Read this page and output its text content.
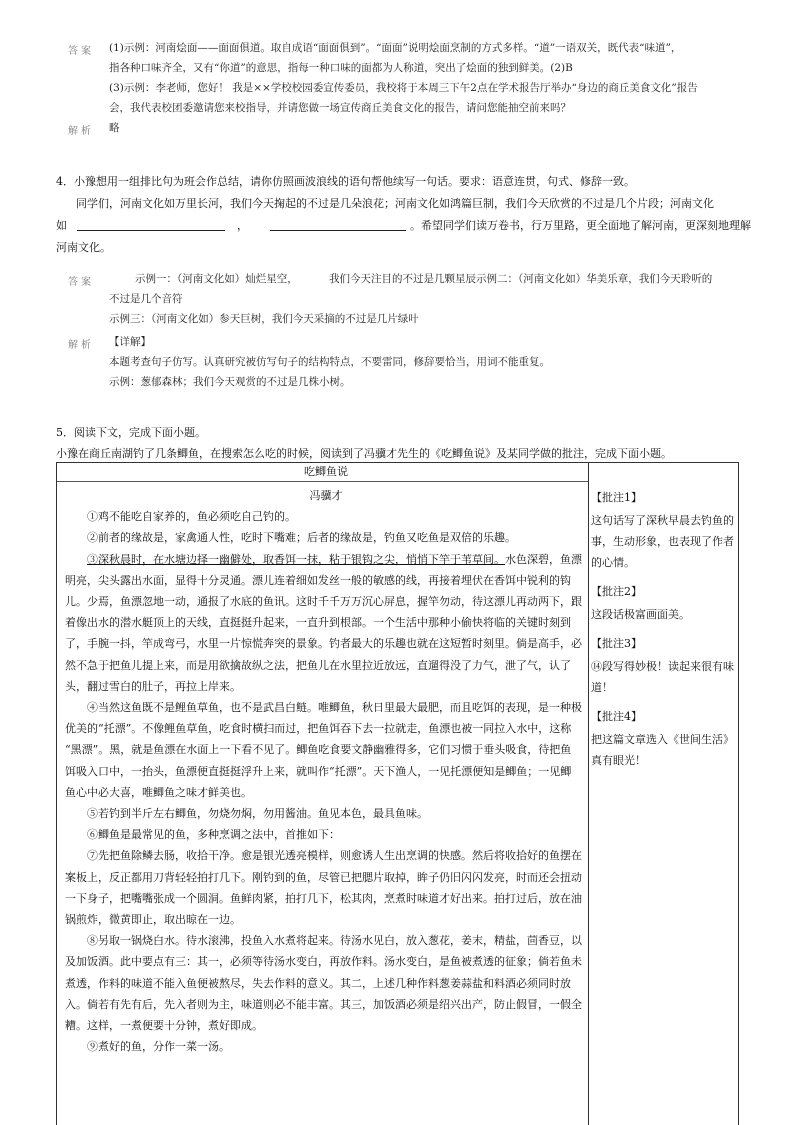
答案 (1)示例：河南烩面——面面俱道。取自成语“面面俱到”。“面面”说明烩面烹制的方式多样。“道”一语双关，既代表“味道”，
指各种口味齐全，又有“你道”的意思，指每一种口味的面都为人称道，突出了烩面的独到鲜美。(2)B
(3)示例：李老师，您好！ 我是××学校校园委宣传委员，我校将于本周三下午2点在学术报告厅举办“身边的商丘美食文化”报告
会，我代表校团委邀请您来校指导，并请您做一场宣传商丘美食文化的报告，请问您能抽空前来吗？
解析 略
4．小豫想用一组排比句为班会作总结，请你仿照画波浪线的语句帮他续写一句话。要求：语意连贯，句式、修辞一致。
同学们，河南文化如万里长河，我们今天掬起的不过是几朵浪花；河南文化如鸿篇巨制，我们今天欣赏的不过是几个片段；河南文化
如	，	。希望同学们读万卷书，行万里路，更全面地了解河南，更深刻地理解
河南文化。
答案	示例一：（河南文化如）灿烂星空，	我们今天注目的不过是几颗星辰示例二：（河南文化如）华美乐章，我们今天聆听的
不过是几个音符
示例三：（河南文化如）参天巨树，我们今天采摘的不过是几片绿叶
解析 【详解】
本题考查句子仿写。认真研究被仿写句子的结构特点，不要雷同，修辞要恰当，用词不能重复。
示例：葱郁森林；我们今天观赏的不过是几株小树。
5．阅读下文，完成下面小题。
小豫在商丘南湖钓了几条鲫鱼，在搜索怎么吃的时候，阅读到了冯骥才先生的《吃鲫鱼说》及某同学做的批注，完成下面小题。

吃鲫鱼说

冯骥才

①鸡不能吃自家养的，鱼必须吃自己钓的。

②前者的缘故是，家禽通人性，吃时下嘴难；后者的缘故是，钓鱼又吃鱼是双倍的乐趣。

③深秋晨时，在水塘边择一幽僻处，取香饵一抹，粘于银钩之尖，悄悄下竿于苇草间。水色深碧，鱼漂

明亮，尖头露出水面，显得十分灵通。漂儿连着细如发丝一般的敏感的线，再接着埋伏在香饵中锐利的钩

儿。少焉，鱼漂忽地一动，通报了水底的鱼讯。这时千千万万沉心屏息，握竿勿动，待这漂儿再动两下，跟

着像出水的潜水艇顶上的天线，直挺挺升起来，一直升到根部。一个生活中那种小偷快将临的关键时刻到

了，手腕一抖，竿成弯弓，水里一片惊慌奔突的景象。钓者最大的乐趣也就在这短暂时刻里。倘是高手，必

然不急于把鱼儿提上来，而是用欲擒故纵之法，把鱼儿在水里拉近放远，直遛得没了力气，泄了气，认了

头，翻过雪白的肚子，再拉上岸来。

④当然这鱼既不是鲤鱼草鱼，也不是武昌白鲢。唯鲫鱼，秋日里最大最肥，而且吃饵的表现，是一种极

优美的“托漂”。不像鲤鱼草鱼，吃食时横扫而过，把鱼饵吞下去一拉就走，鱼漂也被一同拉入水中，这称

“黑漂”。黑，就是鱼漂在水面上一下看不见了。鲫鱼吃食要文静幽雅得多，它们习惯于垂头吸食，待把鱼

饵吸入口中，一抬头，鱼漂便直挺挺浮升上来，就叫作“托漂”。天下渔人，一见托漂便知是鲫鱼；一见鲫

鱼心中必大喜，唯鲫鱼之味才鲜美也。

⑤若钓到半斤左右鲫鱼，勿烧勿焖，勿用酱油。鱼见本色，最具鱼味。

⑥鲫鱼是最常见的鱼，多种烹调之法中，首推如下：

⑦先把鱼除鳞去肠，收拾干净。愈是银光透亮模样，则愈诱人生出烹调的快感。然后将收拾好的鱼摆在

案板上，反正都用刀背轻轻拍打几下。刚钓到的鱼，尽管已把腮片取掉，眸子仍旧闪闪发亮，时而还会扭动

一下身子，把嘴嘴张成一个圆洞。鱼鲜肉紧，拍打几下，松其肉，烹煮时味道才好出来。拍打过后，放在油

锅煎炸，微黄即止，取出晾在一边。

⑧另取一锅烧白水。待水滚沸，投鱼入水煮将起来。待汤水见白，放入葱花，姜末，精盐，茴香豆，以

及加饭酒。此中要点有三：其一，必须等待汤水变白，再放作料。汤水变白，是鱼被煮透的征象；倘若鱼未

煮透，作料的味道不能入鱼便被熬尽，失去作料的意义。其二，上述几种作料葱姜蒜盐和料酒必须同时放

入。倘若有先有后，先入者则为主，味道则必不能丰富。其三，加饭酒必须是绍兴出产，防止假冒，一假全

糟。这样，一煮便要十分钟，煮好即成。

⑨煮好的鱼，分作一菜一汤。

【批注1】

这句话写了深秋早晨去钓鱼的

事，生动形象，也表现了作者

的心情。

【批注2】

这段话极富画面美。

【批注3】

⑭段写得妙极！读起来很有味

道！

【批注4】

把这篇文章选入《世间生活》

真有眼光！
